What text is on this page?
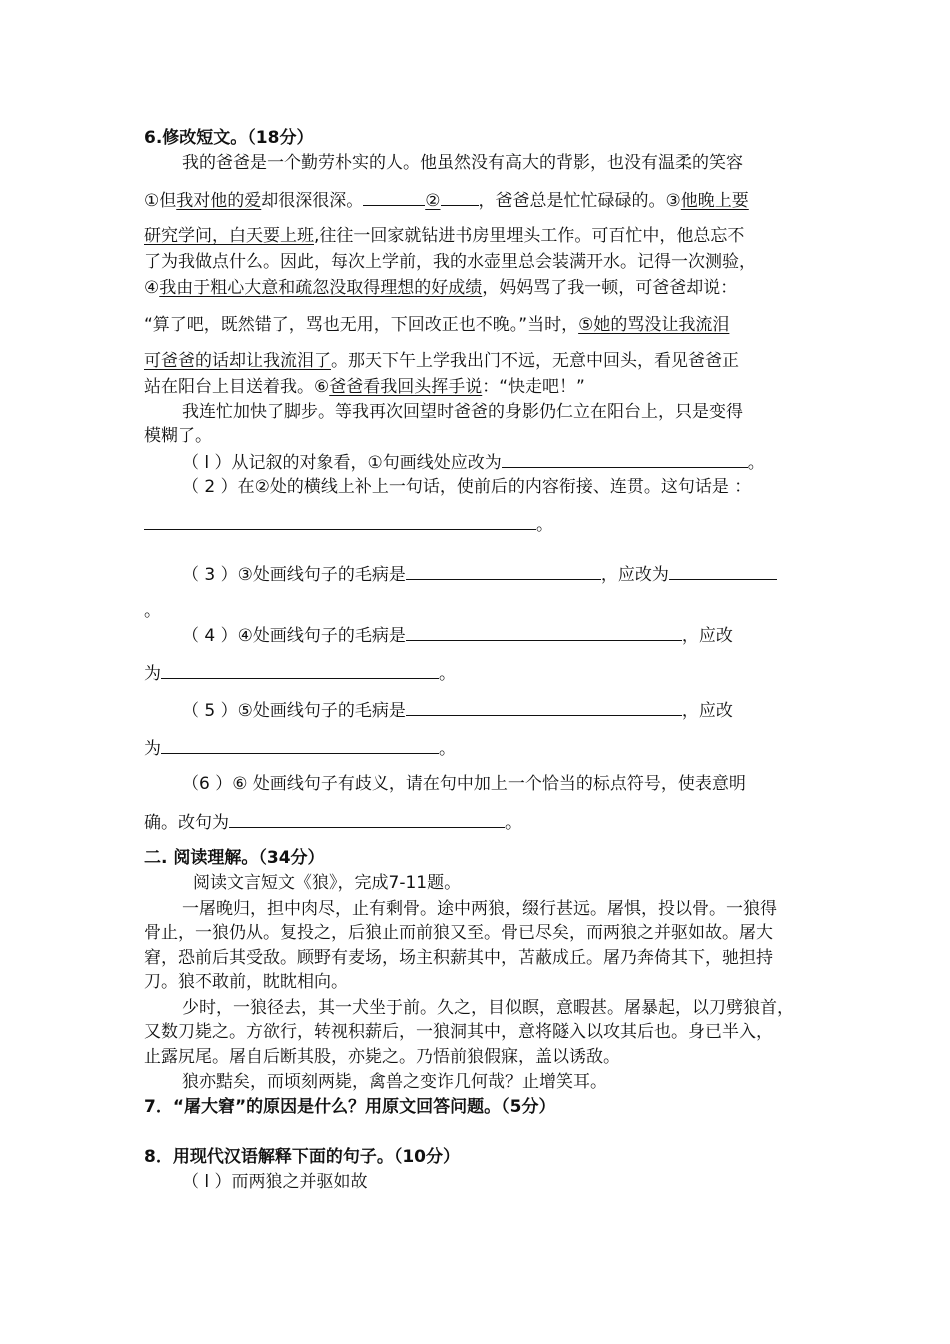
6.修改短文。（18分）
我的爸爸是一个勤劳朴实的人。他虽然没有高大的背影，也没有温柔的笑容
①但我对他的爱却很深很深。	② ，爸爸总是忙忙碌碌的。③他晚上要
研究学问，白天要上班,往往一回家就钻进书房里埋头工作。可百忙中，他总忘不
了为我做点什么。因此，每次上学前，我的水壶里总会装满开水。记得一次测验，
④我由于粗心大意和疏忽没取得理想的好成绩，妈妈骂了我一顿，可爸爸却说：
“算了吧，既然错了，骂也无用，下回改正也不晚。”当时，⑤她的骂没让我流泪
可爸爸的话却让我流泪了。那天下午上学我出门不远，无意中回头，看见爸爸正
站在阳台上目送着我。⑥爸爸看我回头挥手说：“快走吧！”
我连忙加快了脚步。等我再次回望时爸爸的身影仍仁立在阳台上，只是变得
模糊了。
（ l ）从记叙的对象看，①句画线处应改为	。
（ 2 ）在②处的横线上补上一句话，使前后的内容衔接、连贯。这句话是 ：
。
（ 3 ）③处画线句子的毛病是	，应改为
。
（ 4 ）④处画线句子的毛病是	，应改
为	。
（ 5 ）⑤处画线句子的毛病是	，应改
为	。
（6 ）⑥ 处画线句子有歧义，请在句中加上一个恰当的标点符号，使表意明
确。改句为	。
二. 阅读理解。（34分）
阅读文言短文《狼》，完成7-11题。
一屠晚归，担中肉尽，止有剩骨。途中两狼，缀行甚远。屠惧，投以骨。一狼得
骨止，一狼仍从。复投之，后狼止而前狼又至。骨已尽矣，而两狼之并驱如故。屠大
窘，恐前后其受敌。顾野有麦场，场主积薪其中，苫蔽成丘。屠乃奔倚其下，驰担持
刀。狼不敢前，眈眈相向。
少时，一狼径去，其一犬坐于前。久之，目似瞑，意暇甚。屠暴起，以刀劈狼首，
又数刀毙之。方欲行，转视积薪后，一狼洞其中，意将隧入以攻其后也。身已半入，
止露尻尾。屠自后断其股，亦毙之。乃悟前狼假寐，盖以诱敌。
狼亦黠矣，而顷刻两毙，禽兽之变诈几何哉？止增笑耳。
7．“屠大窘”的原因是什么？用原文回答问题。（5分）
8．用现代汉语解释下面的句子。（10分）
（ l ）而两狼之并驱如故
